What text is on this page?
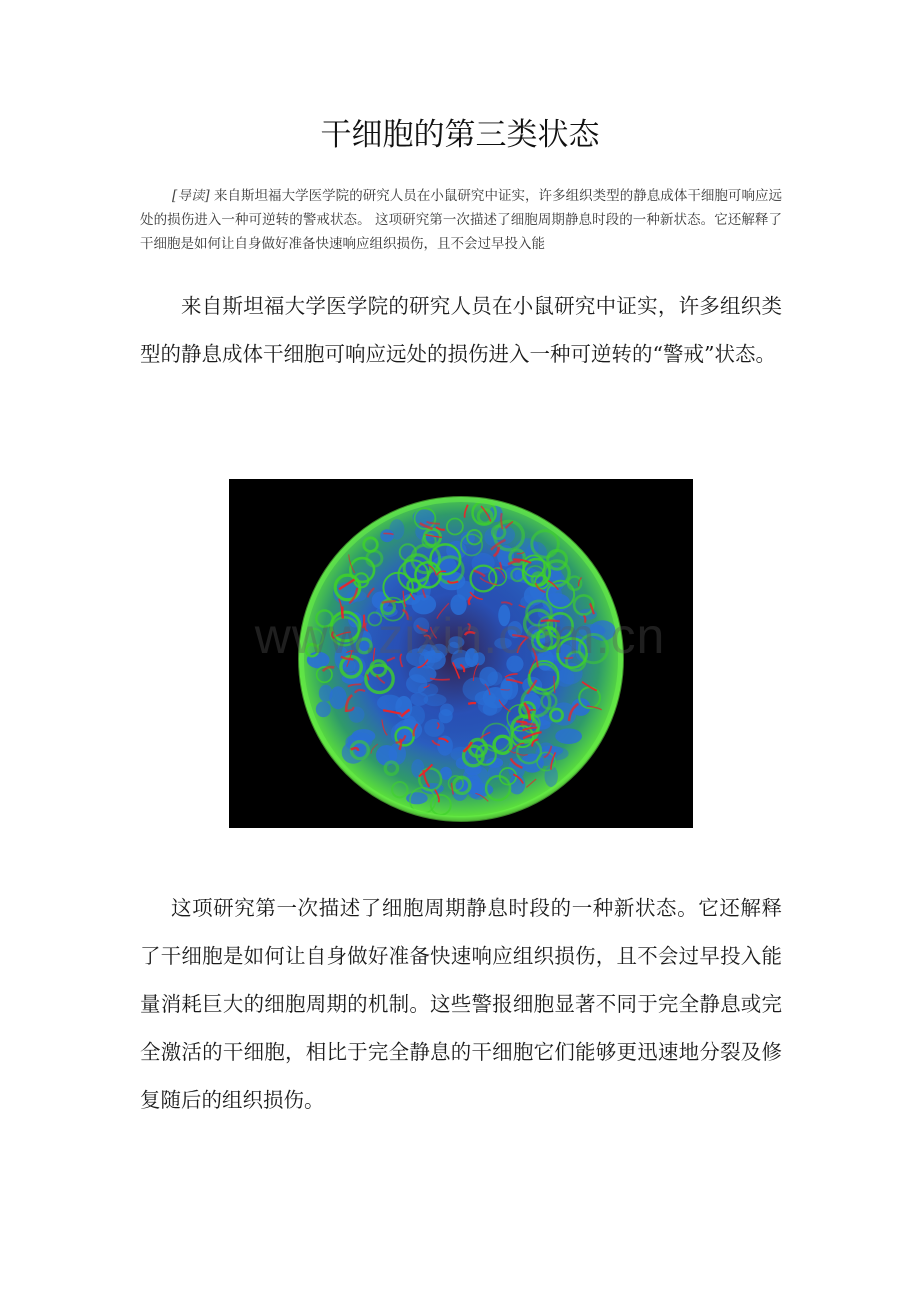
干细胞的第三类状态

[导读] 来自斯坦福大学医学院的研究人员在小鼠研究中证实，许多组织类型的静息成体干细胞可响应远处的损伤进入一种可逆转的警戒状态。 这项研究第一次描述了细胞周期静息时段的一种新状态。它还解释了干细胞是如何让自身做好准备快速响应组织损伤，且不会过早投入能

来自斯坦福大学医学院的研究人员在小鼠研究中证实，许多组织类型的静息成体干细胞可响应远处的损伤进入一种可逆转的“警戒”状态。

www.zixin.com.cn

这项研究第一次描述了细胞周期静息时段的一种新状态。它还解释了干细胞是如何让自身做好准备快速响应组织损伤，且不会过早投入能量消耗巨大的细胞周期的机制。这些警报细胞显著不同于完全静息或完全激活的干细胞，相比于完全静息的干细胞它们能够更迅速地分裂及修复随后的组织损伤。
